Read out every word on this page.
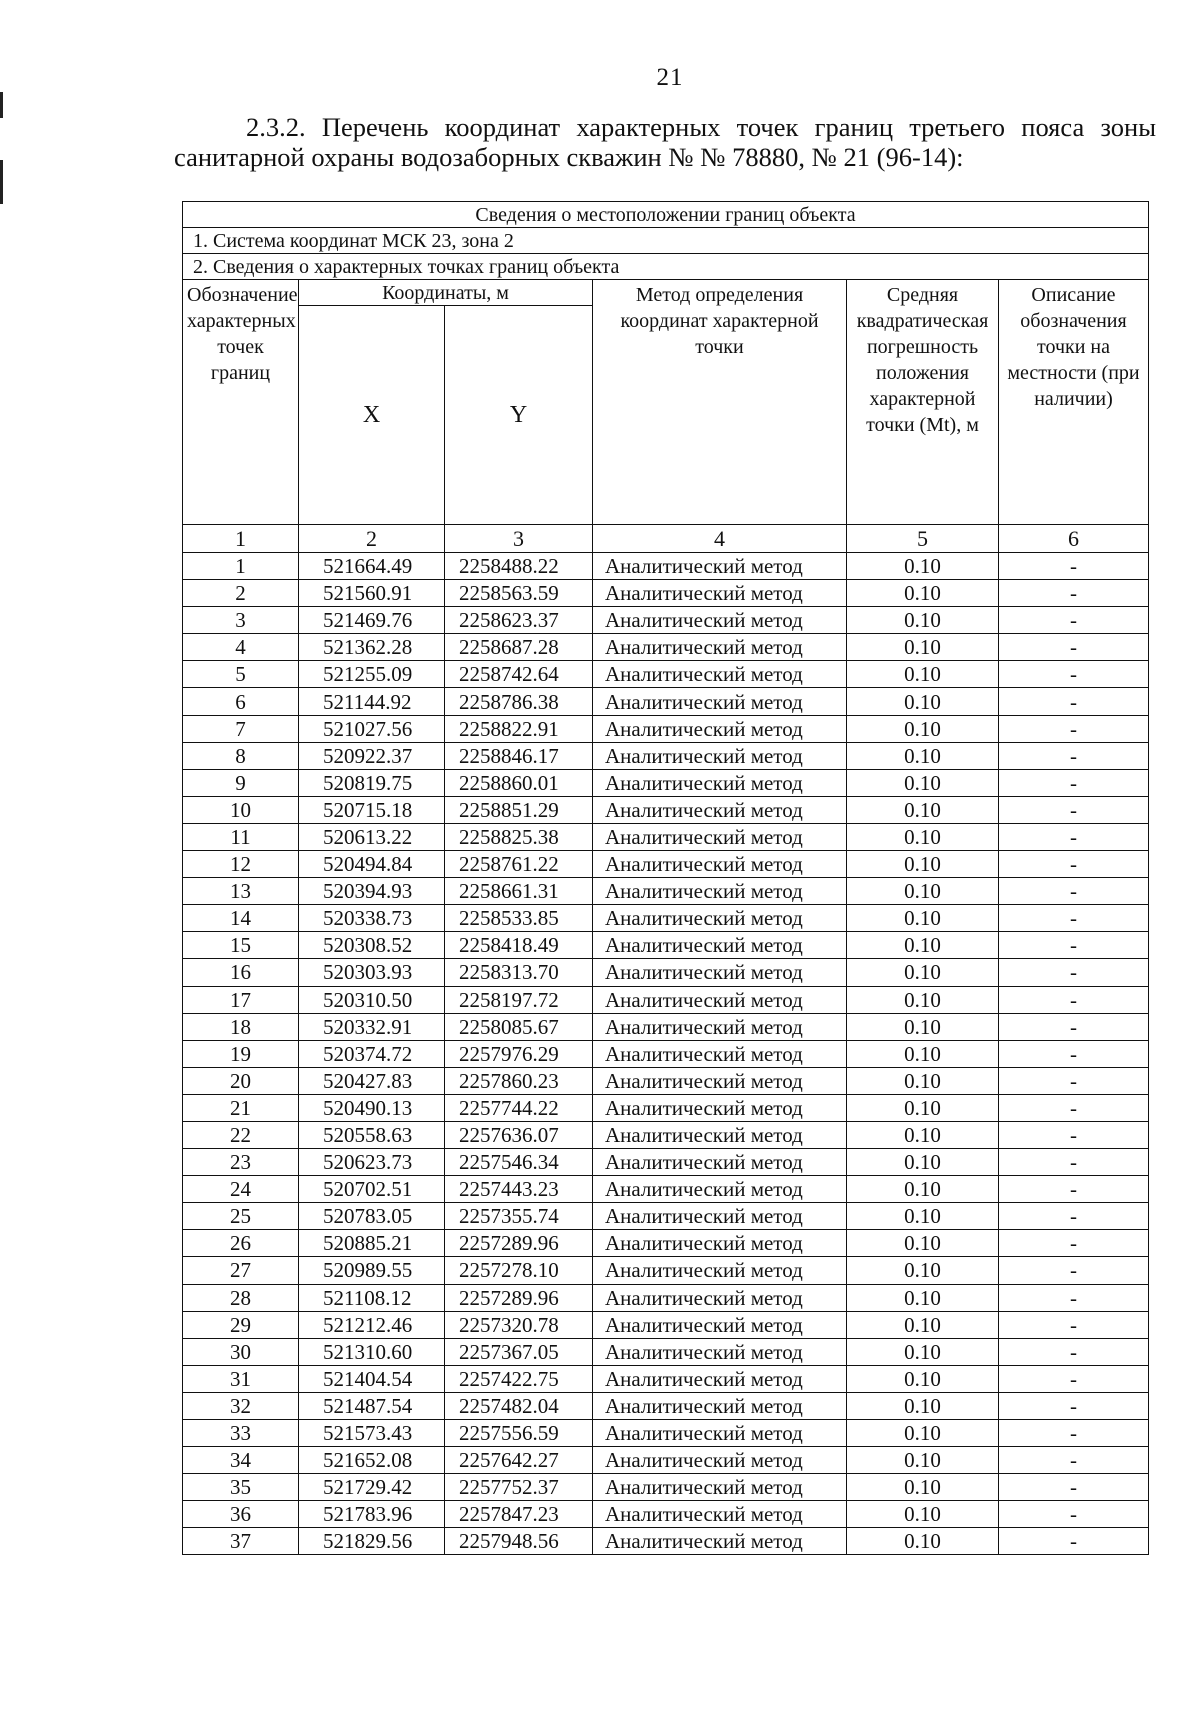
21
2.3.2. Перечень координат характерных точек границ третьего пояса зоны
санитарной охраны водозаборных скважин № № 78880, № 21 (96-14):
Сведения о местоположении границ объекта					
1. Система координат МСК 23, зона 2					
2. Сведения о характерных точках границ объекта					
Обозначение характерных точек границ	Координаты, м		Метод определения координат характерной точки	Средняя квадратическая погрешность положения характерной точки (Mt), м	Описание обозначения точки на местности (при наличии)
	X	Y			
1	2	3	4	5	6
1	521664.49	2258488.22	Аналитический метод	0.10	-
2	521560.91	2258563.59	Аналитический метод	0.10	-
3	521469.76	2258623.37	Аналитический метод	0.10	-
4	521362.28	2258687.28	Аналитический метод	0.10	-
5	521255.09	2258742.64	Аналитический метод	0.10	-
6	521144.92	2258786.38	Аналитический метод	0.10	-
7	521027.56	2258822.91	Аналитический метод	0.10	-
8	520922.37	2258846.17	Аналитический метод	0.10	-
9	520819.75	2258860.01	Аналитический метод	0.10	-
10	520715.18	2258851.29	Аналитический метод	0.10	-
11	520613.22	2258825.38	Аналитический метод	0.10	-
12	520494.84	2258761.22	Аналитический метод	0.10	-
13	520394.93	2258661.31	Аналитический метод	0.10	-
14	520338.73	2258533.85	Аналитический метод	0.10	-
15	520308.52	2258418.49	Аналитический метод	0.10	-
16	520303.93	2258313.70	Аналитический метод	0.10	-
17	520310.50	2258197.72	Аналитический метод	0.10	-
18	520332.91	2258085.67	Аналитический метод	0.10	-
19	520374.72	2257976.29	Аналитический метод	0.10	-
20	520427.83	2257860.23	Аналитический метод	0.10	-
21	520490.13	2257744.22	Аналитический метод	0.10	-
22	520558.63	2257636.07	Аналитический метод	0.10	-
23	520623.73	2257546.34	Аналитический метод	0.10	-
24	520702.51	2257443.23	Аналитический метод	0.10	-
25	520783.05	2257355.74	Аналитический метод	0.10	-
26	520885.21	2257289.96	Аналитический метод	0.10	-
27	520989.55	2257278.10	Аналитический метод	0.10	-
28	521108.12	2257289.96	Аналитический метод	0.10	-
29	521212.46	2257320.78	Аналитический метод	0.10	-
30	521310.60	2257367.05	Аналитический метод	0.10	-
31	521404.54	2257422.75	Аналитический метод	0.10	-
32	521487.54	2257482.04	Аналитический метод	0.10	-
33	521573.43	2257556.59	Аналитический метод	0.10	-
34	521652.08	2257642.27	Аналитический метод	0.10	-
35	521729.42	2257752.37	Аналитический метод	0.10	-
36	521783.96	2257847.23	Аналитический метод	0.10	-
37	521829.56	2257948.56	Аналитический метод	0.10	-
